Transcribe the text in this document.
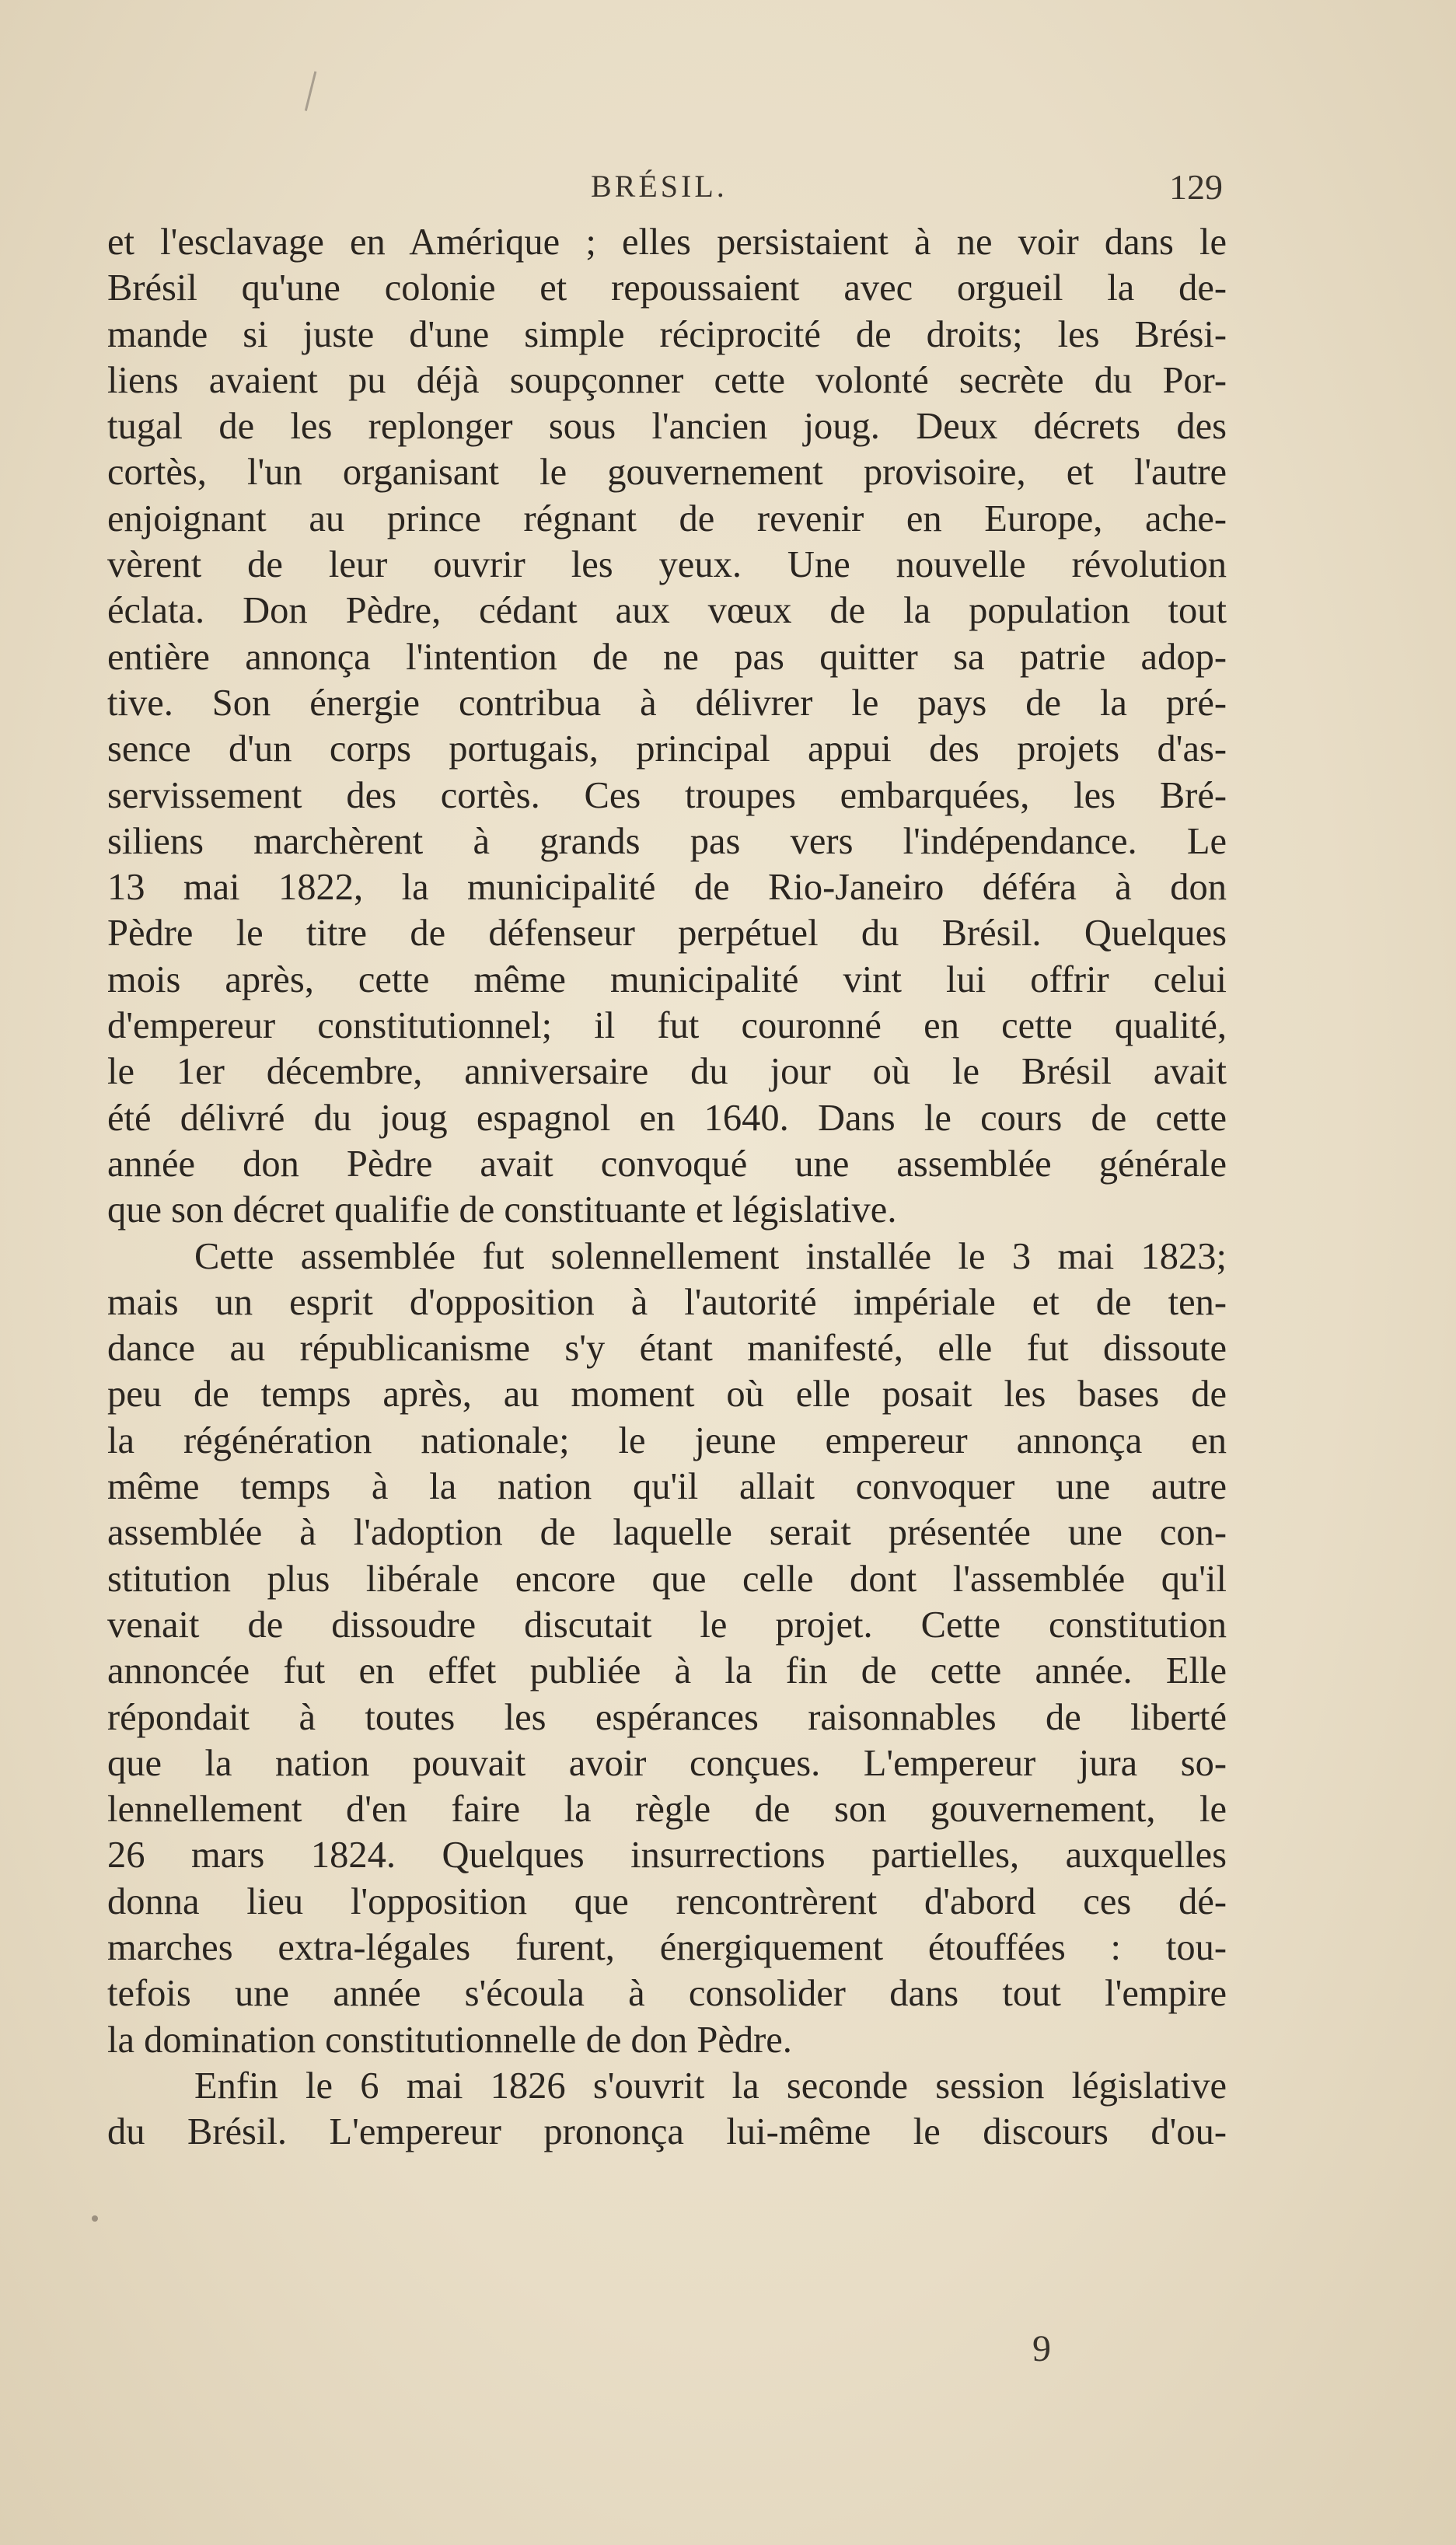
BRÉSIL.	129
et l'esclavage en Amérique ; elles persistaient à ne voir dans le
Brésil qu'une colonie et repoussaient avec orgueil la de-
mande si juste d'une simple réciprocité de droits; les Brési-
liens avaient pu déjà soupçonner cette volonté secrète du Por-
tugal de les replonger sous l'ancien joug. Deux décrets des
cortès, l'un organisant le gouvernement provisoire, et l'autre
enjoignant au prince régnant de revenir en Europe, ache-
vèrent de leur ouvrir les yeux. Une nouvelle révolution
éclata. Don Pèdre, cédant aux vœux de la population tout
entière annonça l'intention de ne pas quitter sa patrie adop-
tive. Son énergie contribua à délivrer le pays de la pré-
sence d'un corps portugais, principal appui des projets d'as-
servissement des cortès. Ces troupes embarquées, les Bré-
siliens marchèrent à grands pas vers l'indépendance. Le
13 mai 1822, la municipalité de Rio-Janeiro déféra à don
Pèdre le titre de défenseur perpétuel du Brésil. Quelques
mois après, cette même municipalité vint lui offrir celui
d'empereur constitutionnel; il fut couronné en cette qualité,
le 1er décembre, anniversaire du jour où le Brésil avait
été délivré du joug espagnol en 1640. Dans le cours de cette
année don Pèdre avait convoqué une assemblée générale
que son décret qualifie de constituante et législative.
Cette assemblée fut solennellement installée le 3 mai 1823;
mais un esprit d'opposition à l'autorité impériale et de ten-
dance au républicanisme s'y étant manifesté, elle fut dissoute
peu de temps après, au moment où elle posait les bases de
la régénération nationale; le jeune empereur annonça en
même temps à la nation qu'il allait convoquer une autre
assemblée à l'adoption de laquelle serait présentée une con-
stitution plus libérale encore que celle dont l'assemblée qu'il
venait de dissoudre discutait le projet. Cette constitution
annoncée fut en effet publiée à la fin de cette année. Elle
répondait à toutes les espérances raisonnables de liberté
que la nation pouvait avoir conçues. L'empereur jura so-
lennellement d'en faire la règle de son gouvernement, le
26 mars 1824. Quelques insurrections partielles, auxquelles
donna lieu l'opposition que rencontrèrent d'abord ces dé-
marches extra-légales furent, énergiquement étouffées : tou-
tefois une année s'écoula à consolider dans tout l'empire
la domination constitutionnelle de don Pèdre.
Enfin le 6 mai 1826 s'ouvrit la seconde session législative
du Brésil. L'empereur prononça lui-même le discours d'ou-
9
